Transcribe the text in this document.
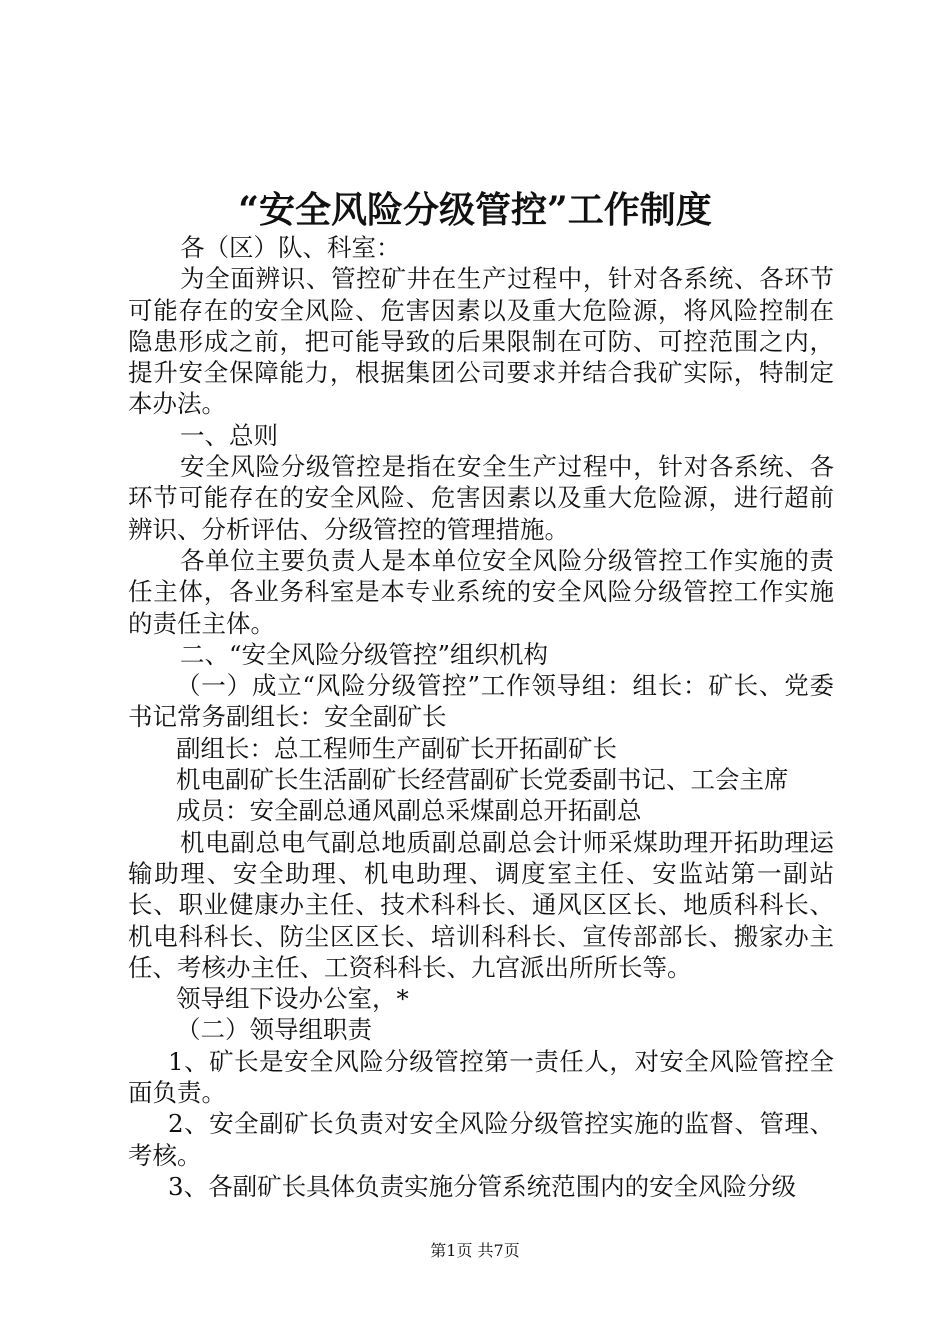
“安全风险分级管控”工作制度

各（区）队、科室：

为全面辨识、管控矿井在生产过程中，针对各系统、各环节可能存在的安全风险、危害因素以及重大危险源，将风险控制在隐患形成之前，把可能导致的后果限制在可防、可控范围之内，提升安全保障能力，根据集团公司要求并结合我矿实际，特制定本办法。

一、总则

安全风险分级管控是指在安全生产过程中，针对各系统、各环节可能存在的安全风险、危害因素以及重大危险源，进行超前辨识、分析评估、分级管控的管理措施。

各单位主要负责人是本单位安全风险分级管控工作实施的责任主体，各业务科室是本专业系统的安全风险分级管控工作实施的责任主体。

二、“安全风险分级管控”组织机构

（一）成立“风险分级管控”工作领导组：组长：矿长、党委书记常务副组长：安全副矿长

副组长：总工程师生产副矿长开拓副矿长

机电副矿长生活副矿长经营副矿长党委副书记、工会主席

成员：安全副总通风副总采煤副总开拓副总

机电副总电气副总地质副总副总会计师采煤助理开拓助理运输助理、安全助理、机电助理、调度室主任、安监站第一副站长、职业健康办主任、技术科科长、通风区区长、地质科科长、机电科科长、防尘区区长、培训科科长、宣传部部长、搬家办主任、考核办主任、工资科科长、九宫派出所所长等。

领导组下设办公室，*

（二）领导组职责

1、矿长是安全风险分级管控第一责任人，对安全风险管控全面负责。

2、安全副矿长负责对安全风险分级管控实施的监督、管理、考核。

3、各副矿长具体负责实施分管系统范围内的安全风险分级

第1页 共7页
